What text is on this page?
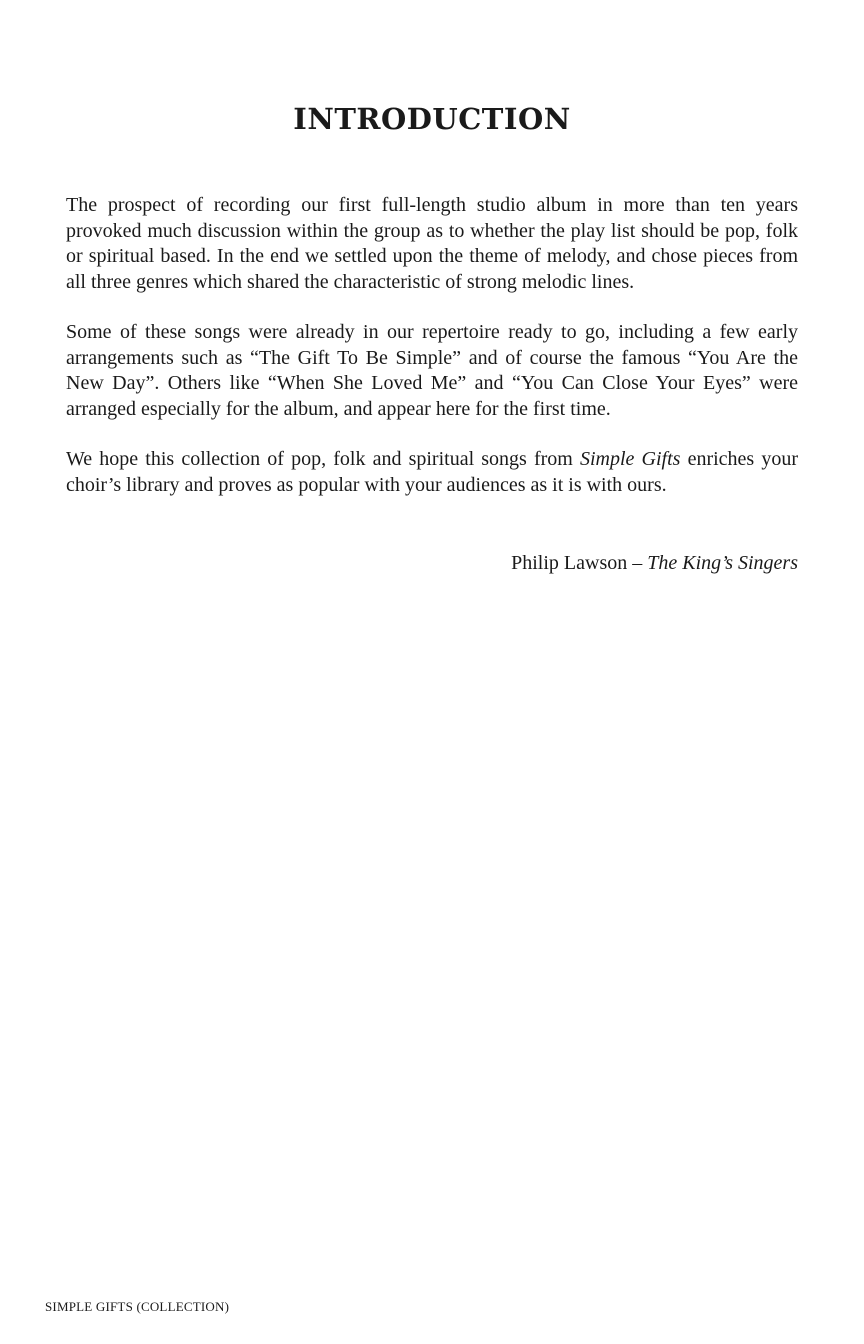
INTRODUCTION

The prospect of recording our first full-length studio album in more than ten years provoked much discussion within the group as to whether the play list should be pop, folk or spiritual based. In the end we settled upon the theme of melody, and chose pieces from all three genres which shared the characteristic of strong melodic lines.

Some of these songs were already in our repertoire ready to go, including a few early arrangements such as “The Gift To Be Simple” and of course the famous “You Are the New Day”. Others like “When She Loved Me” and “You Can Close Your Eyes” were arranged especially for the album, and appear here for the first time.

We hope this collection of pop, folk and spiritual songs from Simple Gifts enriches your choir’s library and proves as popular with your audiences as it is with ours.

Philip Lawson – The King’s Singers
SIMPLE GIFTS (COLLECTION)
